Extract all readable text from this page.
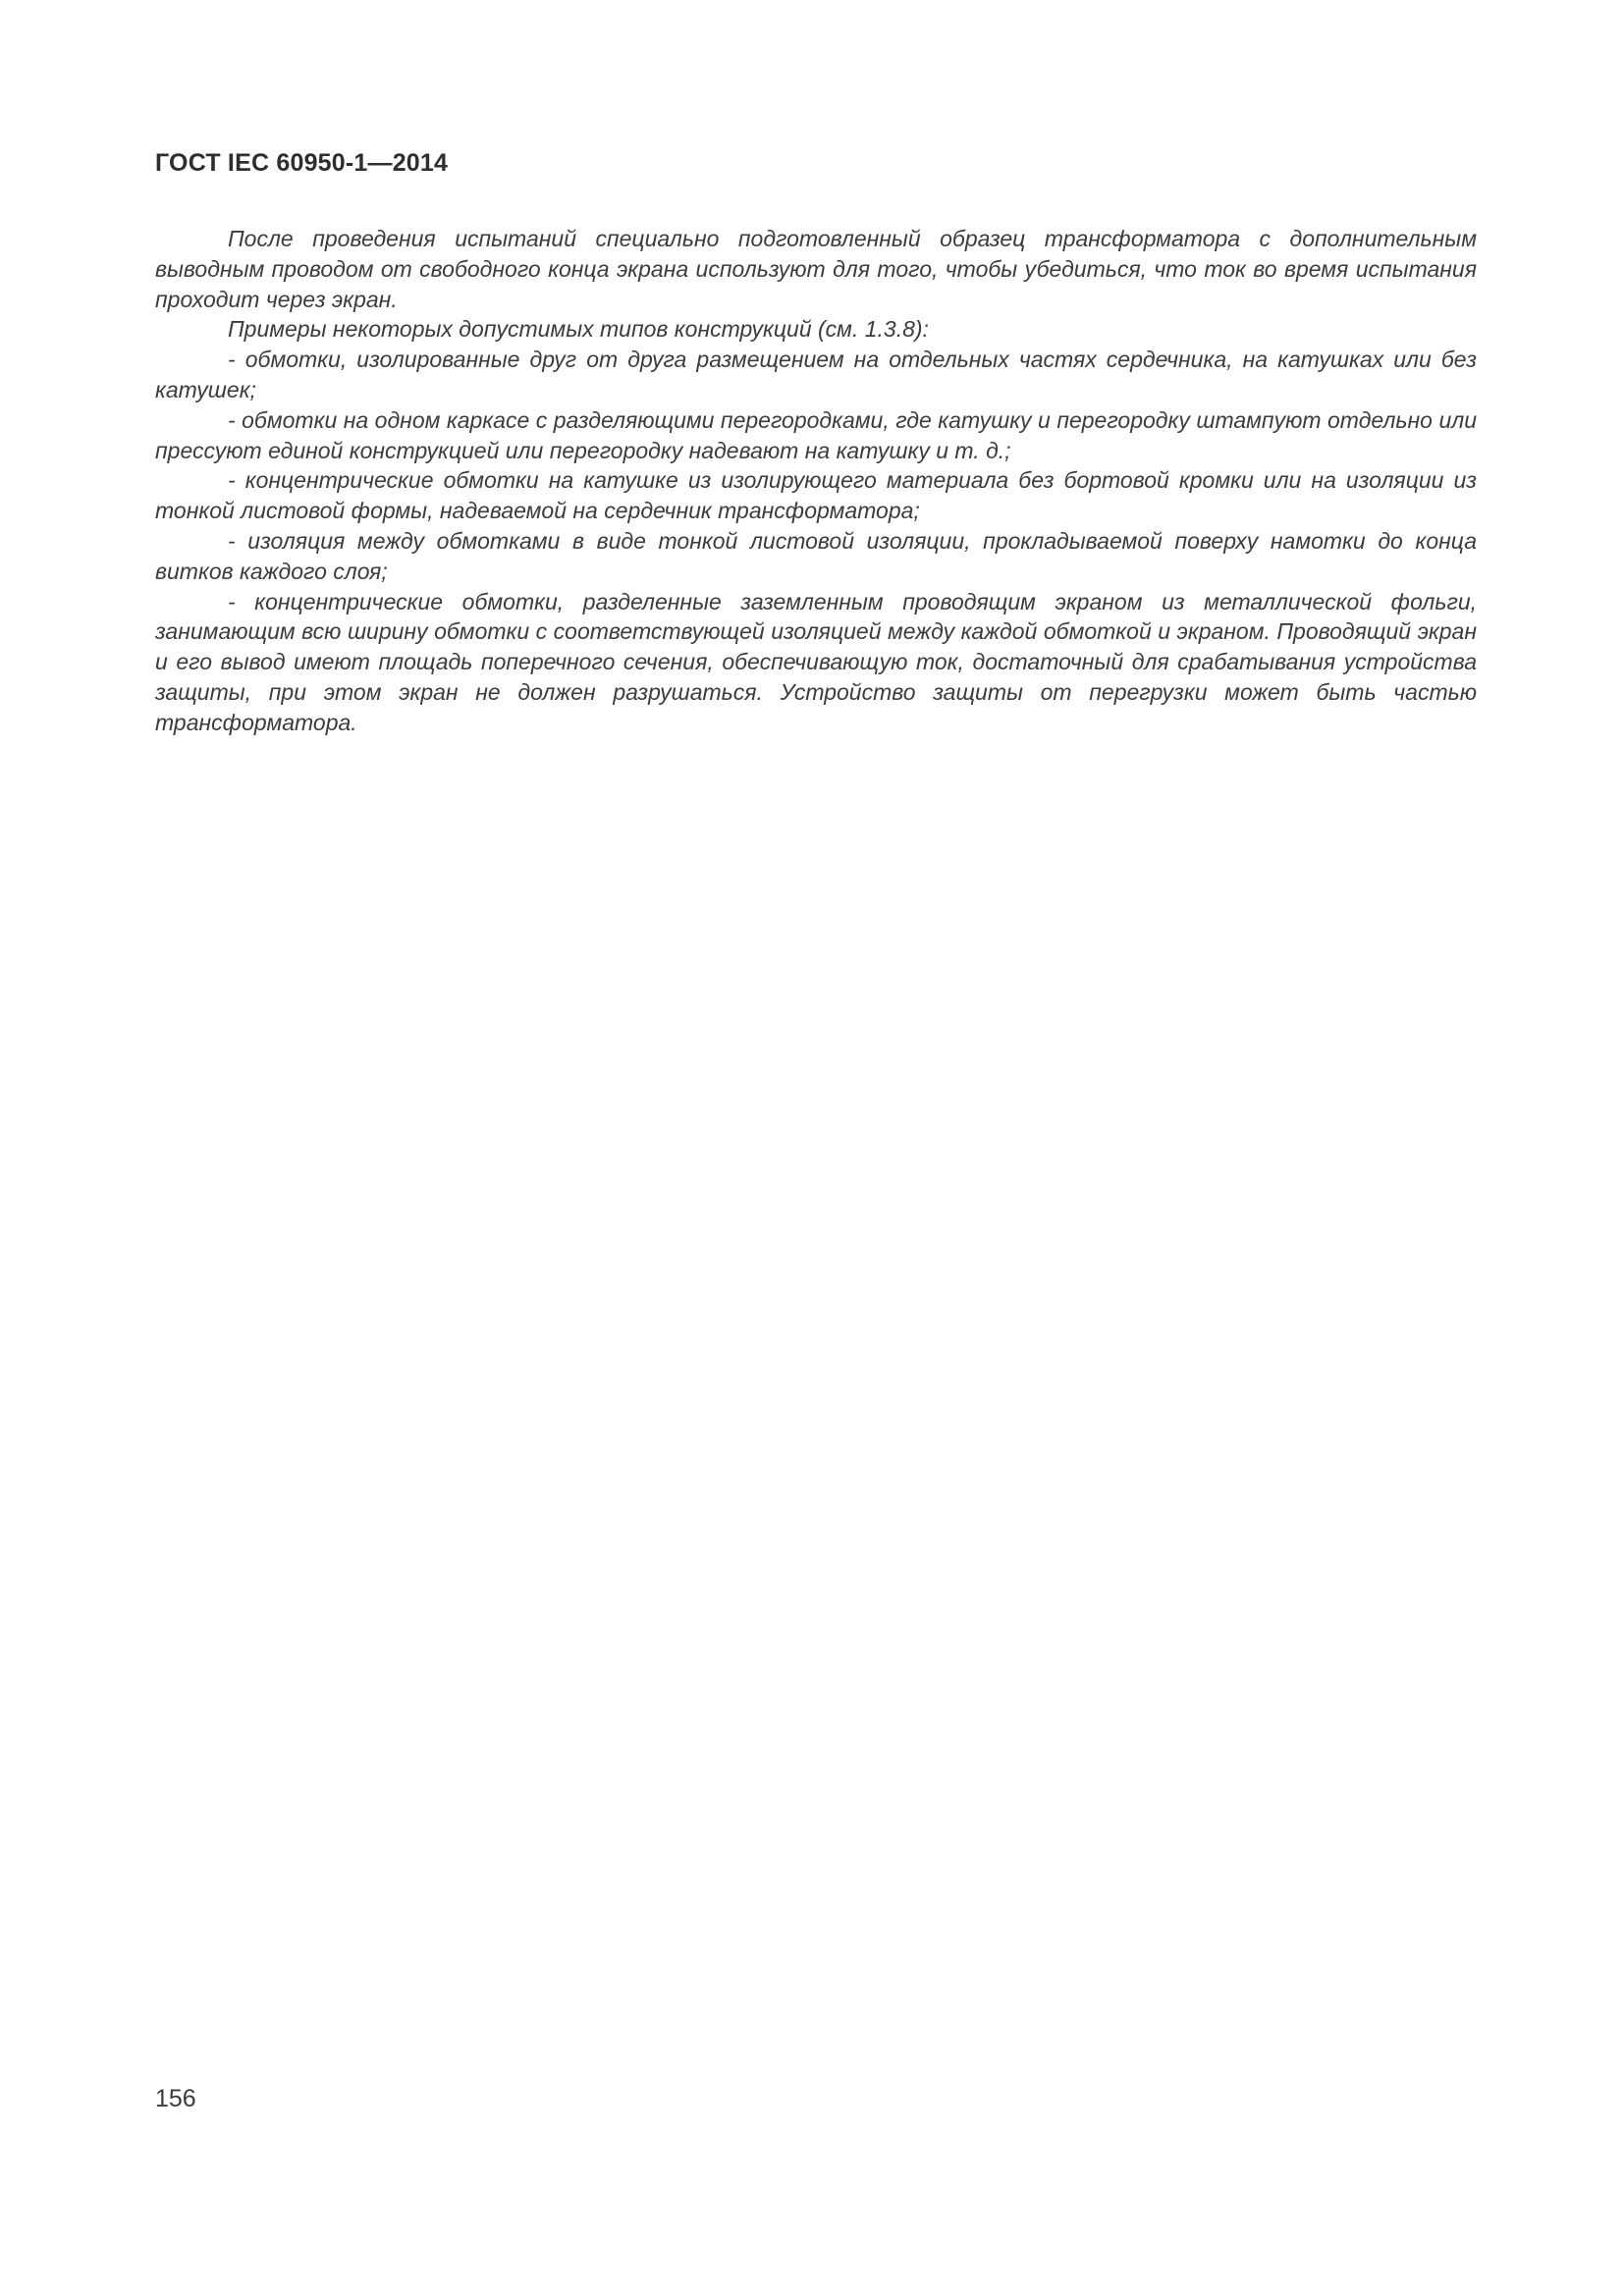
ГОСТ IEC 60950-1—2014

После проведения испытаний специально подготовленный образец трансформатора с дополнительным выводным проводом от свободного конца экрана используют для того, чтобы убедиться, что ток во время испытания проходит через экран.

Примеры некоторых допустимых типов конструкций (см. 1.3.8):

- обмотки, изолированные друг от друга размещением на отдельных частях сердечника, на катушках или без катушек;

- обмотки на одном каркасе с разделяющими перегородками, где катушку и перегородку штампуют отдельно или прессуют единой конструкцией или перегородку надевают на катушку и т. д.;

- концентрические обмотки на катушке из изолирующего материала без бортовой кромки или на изоляции из тонкой листовой формы, надеваемой на сердечник трансформатора;

- изоляция между обмотками в виде тонкой листовой изоляции, прокладываемой поверху намотки до конца витков каждого слоя;

- концентрические обмотки, разделенные заземленным проводящим экраном из металлической фольги, занимающим всю ширину обмотки с соответствующей изоляцией между каждой обмоткой и экраном. Проводящий экран и его вывод имеют площадь поперечного сечения, обеспечивающую ток, достаточный для срабатывания устройства защиты, при этом экран не должен разрушаться. Устройство защиты от перегрузки может быть частью трансформатора.

156
